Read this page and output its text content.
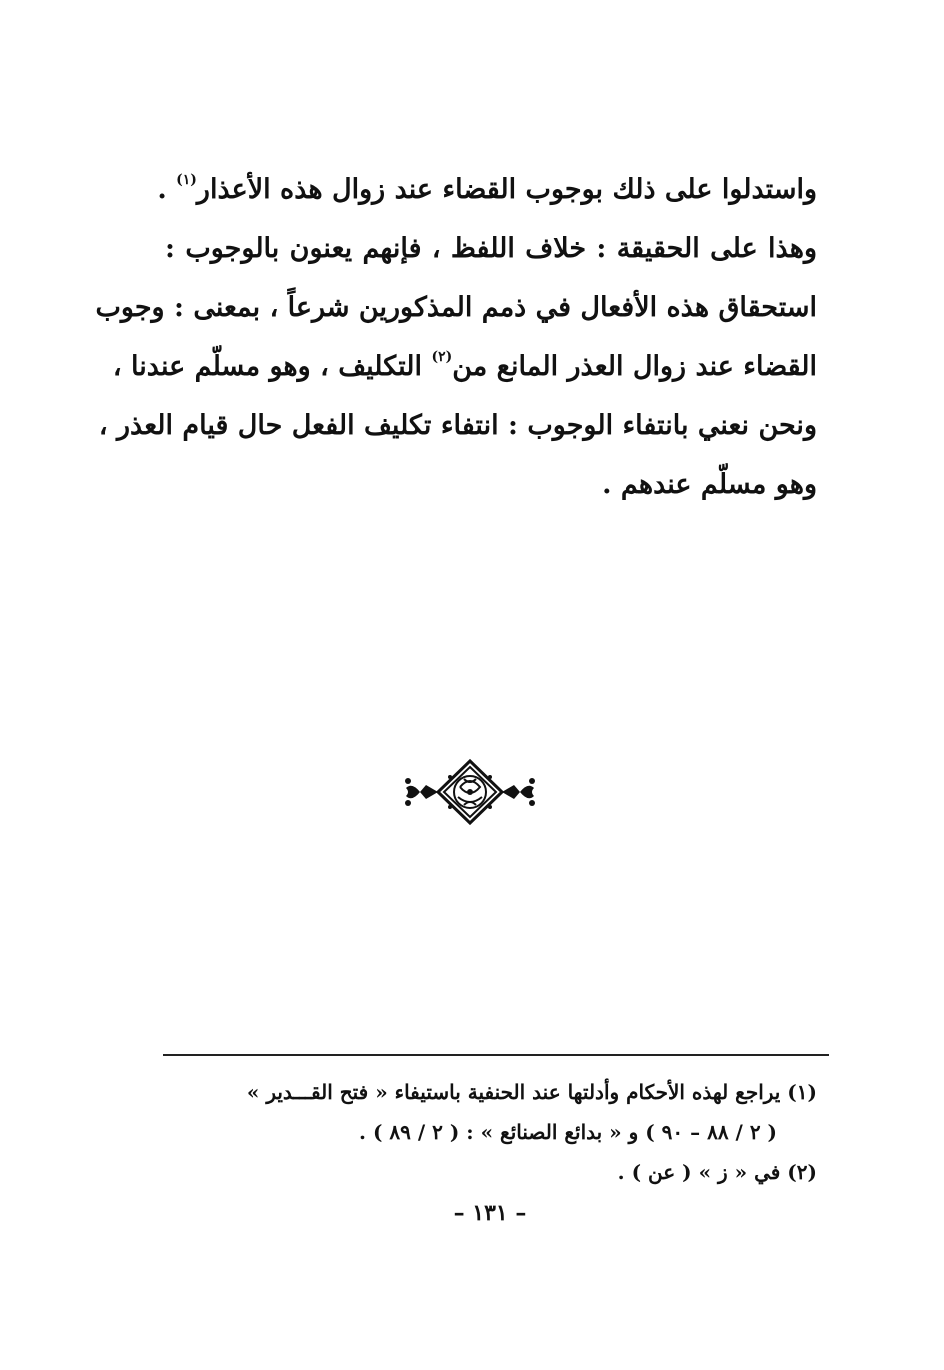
واستدلوا على ذلك بوجوب القضاء عند زوال هذه الأعذار$^{(١)}$ .
وهذا على الحقيقة : خلاف اللفظ ، فإنهم يعنون بالوجوب :
استحقاق هذه الأفعال في ذمم المذكورين شرعاً ، بمعنى : وجوب
القضاء عند زوال العذر المانع من$^{(٢)}$ التكليف ، وهو مسلّم عندنا ،
ونحن نعني بانتفاء الوجوب : انتفاء تكليف الفعل حال قيام العذر ،
وهو مسلّم عندهم .
(١) يراجع لهذه الأحكام وأدلتها عند الحنفية باستيفاء « فتح القـــدير »
( ٢ / ٨٨ – ٩٠ ) و « بدائع الصنائع » : ( ٢ / ٨٩ ) .
(٢) في « ز » ( عن ) .
– ١٣١ –
